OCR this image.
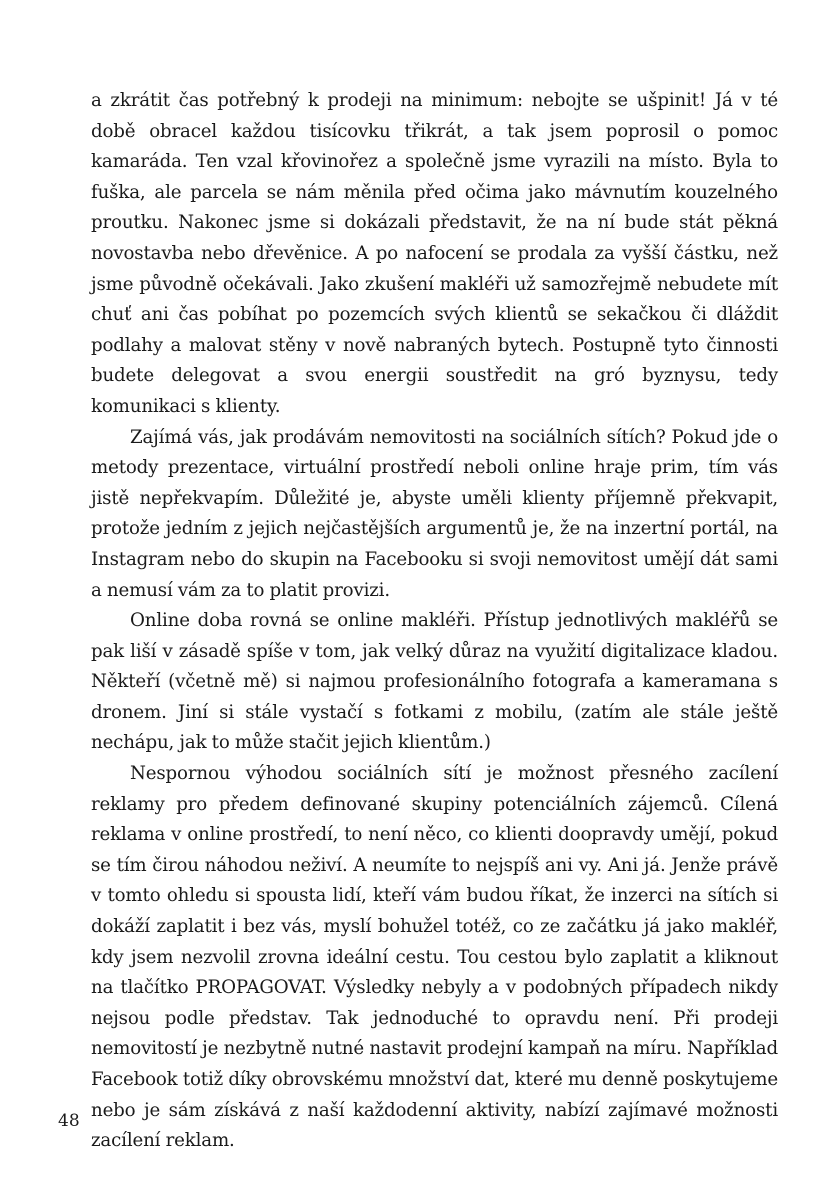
a zkrátit čas potřebný k prodeji na minimum: nebojte se ušpinit! Já v té době obracel každou tisícovku třikrát, a tak jsem poprosil o pomoc kamaráda. Ten vzal křovinořez a společně jsme vyrazili na místo. Byla to fuška, ale parcela se nám měnila před očima jako mávnutím kouzelného proutku. Nakonec jsme si dokázali představit, že na ní bude stát pěkná novostavba nebo dřevěnice. A po nafocení se prodala za vyšší částku, než jsme původně očekávali. Jako zkušení makléři už samozřejmě nebudete mít chuť ani čas pobíhat po pozemcích svých klientů se sekačkou či dláždit podlahy a malovat stěny v nově nabraných bytech. Postupně tyto činnosti budete delegovat a svou energii soustředit na gró byznysu, tedy komunikaci s klienty.

Zajímá vás, jak prodávám nemovitosti na sociálních sítích? Pokud jde o metody prezentace, virtuální prostředí neboli online hraje prim, tím vás jistě nepřekvapím. Důležité je, abyste uměli klienty příjemně překvapit, protože jedním z jejich nejčastějších argumentů je, že na inzertní portál, na Instagram nebo do skupin na Facebooku si svoji nemovitost umějí dát sami a nemusí vám za to platit provizi.

Online doba rovná se online makléři. Přístup jednotlivých makléřů se pak liší v zásadě spíše v tom, jak velký důraz na využití digitalizace kladou. Někteří (včetně mě) si najmou profesionálního fotografa a kameramana s dronem. Jiní si stále vystačí s fotkami z mobilu, (zatím ale stále ještě nechápu, jak to může stačit jejich klientům.)

Nespornou výhodou sociálních sítí je možnost přesného zacílení reklamy pro předem definované skupiny potenciálních zájemců. Cílená reklama v online prostředí, to není něco, co klienti doopravdy umějí, pokud se tím čirou náhodou neživí. A neumíte to nejspíš ani vy. Ani já. Jenže právě v tomto ohledu si spousta lidí, kteří vám budou říkat, že inzerci na sítích si dokáží zaplatit i bez vás, myslí bohužel totéž, co ze začátku já jako makléř, kdy jsem nezvolil zrovna ideální cestu. Tou cestou bylo zaplatit a kliknout na tlačítko PROPAGOVAT. Výsledky nebyly a v podobných případech nikdy nejsou podle představ. Tak jednoduché to opravdu není. Při prodeji nemovitostí je nezbytně nutné nastavit prodejní kampaň na míru. Například Facebook totiž díky obrovskému množství dat, které mu denně poskytujeme nebo je sám získává z naší každodenní aktivity, nabízí zajímavé možnosti zacílení reklam.

48
